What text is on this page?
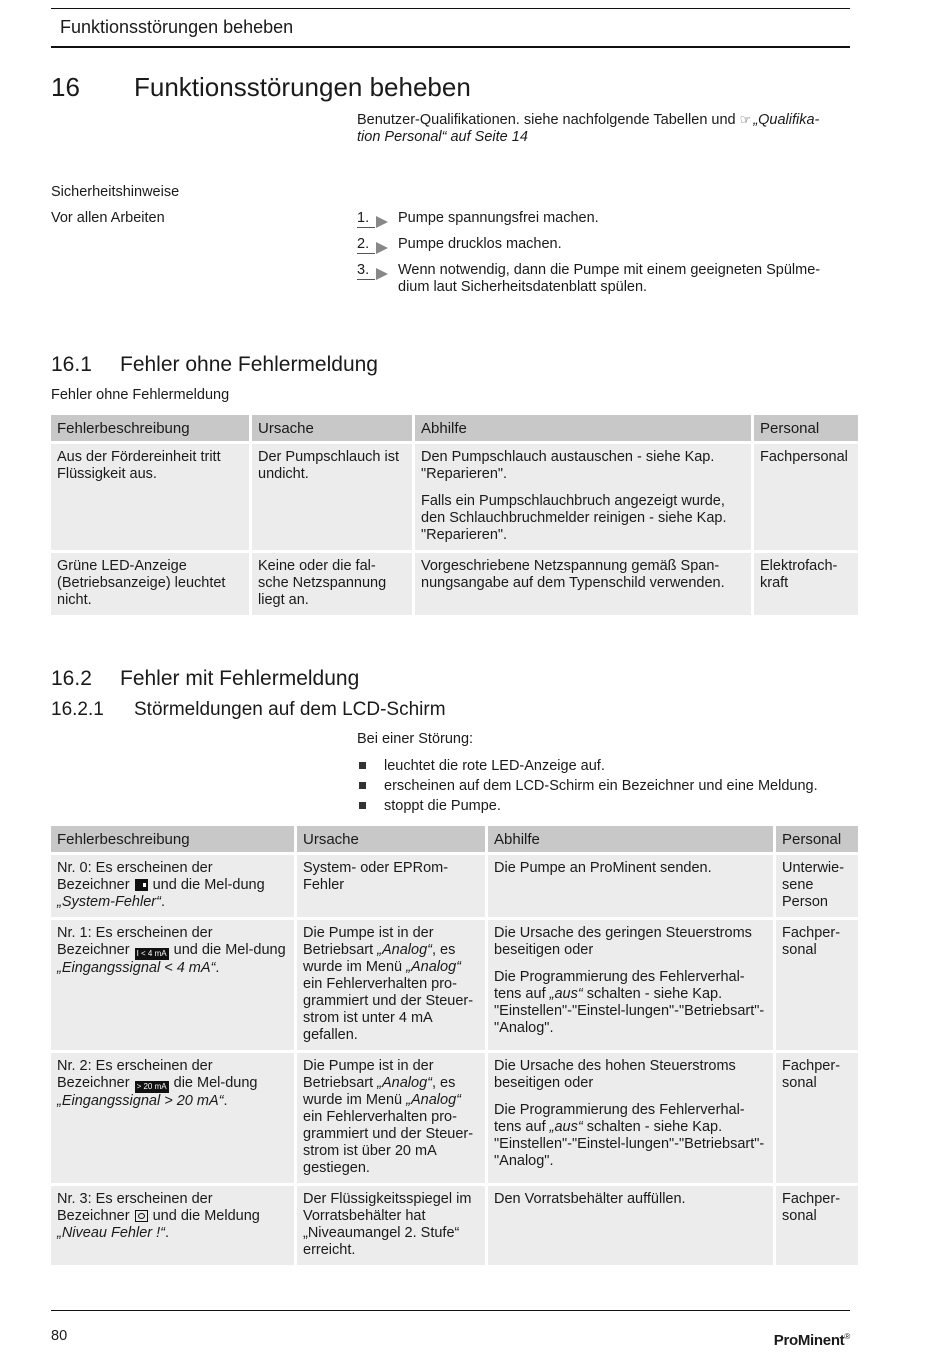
Funktionsstörungen beheben
16 Funktionsstörungen beheben
Benutzer-Qualifikationen. siehe nachfolgende Tabellen und ☞ „Qualifika-
tion Personal“ auf Seite 14
Sicherheitshinweise
Vor allen Arbeiten	1.	Pumpe spannungsfrei machen.
2.	Pumpe drucklos machen.
3.	Wenn notwendig, dann die Pumpe mit einem geeigneten Spülme-
dium laut Sicherheitsdatenblatt spülen.
16.1 Fehler ohne Fehlermeldung
Fehler ohne Fehlermeldung
Fehlerbeschreibung	Ursache	Abhilfe	Personal
Aus der Fördereinheit tritt Flüssigkeit aus.	Der Pumpschlauch ist undicht.	Den Pumpschlauch austauschen - siehe Kap. "Reparieren".

Falls ein Pumpschlauchbruch angezeigt wurde, den Schlauchbruchmelder reinigen - siehe Kap. "Reparieren".	Fachpersonal
Grüne LED-Anzeige (Betriebsanzeige) leuchtet nicht.	Keine oder die fal-sche Netzspannung liegt an.	Vorgeschriebene Netzspannung gemäß Span-nungsangabe auf dem Typenschild verwenden.	Elektrofach-kraft
16.2 Fehler mit Fehlermeldung
16.2.1 Störmeldungen auf dem LCD-Schirm
Bei einer Störung:
leuchtet die rote LED-Anzeige auf.
erscheinen auf dem LCD-Schirm ein Bezeichner und eine Meldung.
stoppt die Pumpe.
Fehlerbeschreibung	Ursache	Abhilfe	Personal
Nr. 0: Es erscheinen der Bezeichner und die Mel-dung „System-Fehler“.	System- oder EPRom-Fehler	Die Pumpe an ProMinent senden.	Unterwie-sene Person
Nr. 1: Es erscheinen der Bezeichner I < 4 mA und die Mel-dung „Eingangssignal < 4 mA“.	Die Pumpe ist in der Betriebsart „Analog“, es wurde im Menü „Analog“ ein Fehlerverhalten pro-grammiert und der Steuer-strom ist unter 4 mA gefallen.	Die Ursache des geringen Steuerstroms beseitigen oder

Die Programmierung des Fehlerverhal-tens auf „aus“ schalten - siehe Kap. "Einstellen"-"Einstel-lungen"-"Betriebsart"-"Analog".	Fachper-sonal
Nr. 2: Es erscheinen der Bezeichner > 20 mA die Mel-dung „Eingangssignal > 20 mA“.	Die Pumpe ist in der Betriebsart „Analog“, es wurde im Menü „Analog“ ein Fehlerverhalten pro-grammiert und der Steuer-strom ist über 20 mA gestiegen.	Die Ursache des hohen Steuerstroms beseitigen oder

Die Programmierung des Fehlerverhal-tens auf „aus“ schalten - siehe Kap. "Einstellen"-"Einstel-lungen"-"Betriebsart"-"Analog".	Fachper-sonal
Nr. 3: Es erscheinen der Bezeichner und die Meldung „Niveau Fehler !“.	Der Flüssigkeitsspiegel im Vorratsbehälter hat „Niveaumangel 2. Stufe“ erreicht.	Den Vorratsbehälter auffüllen.	Fachper-sonal
80	ProMinent®
